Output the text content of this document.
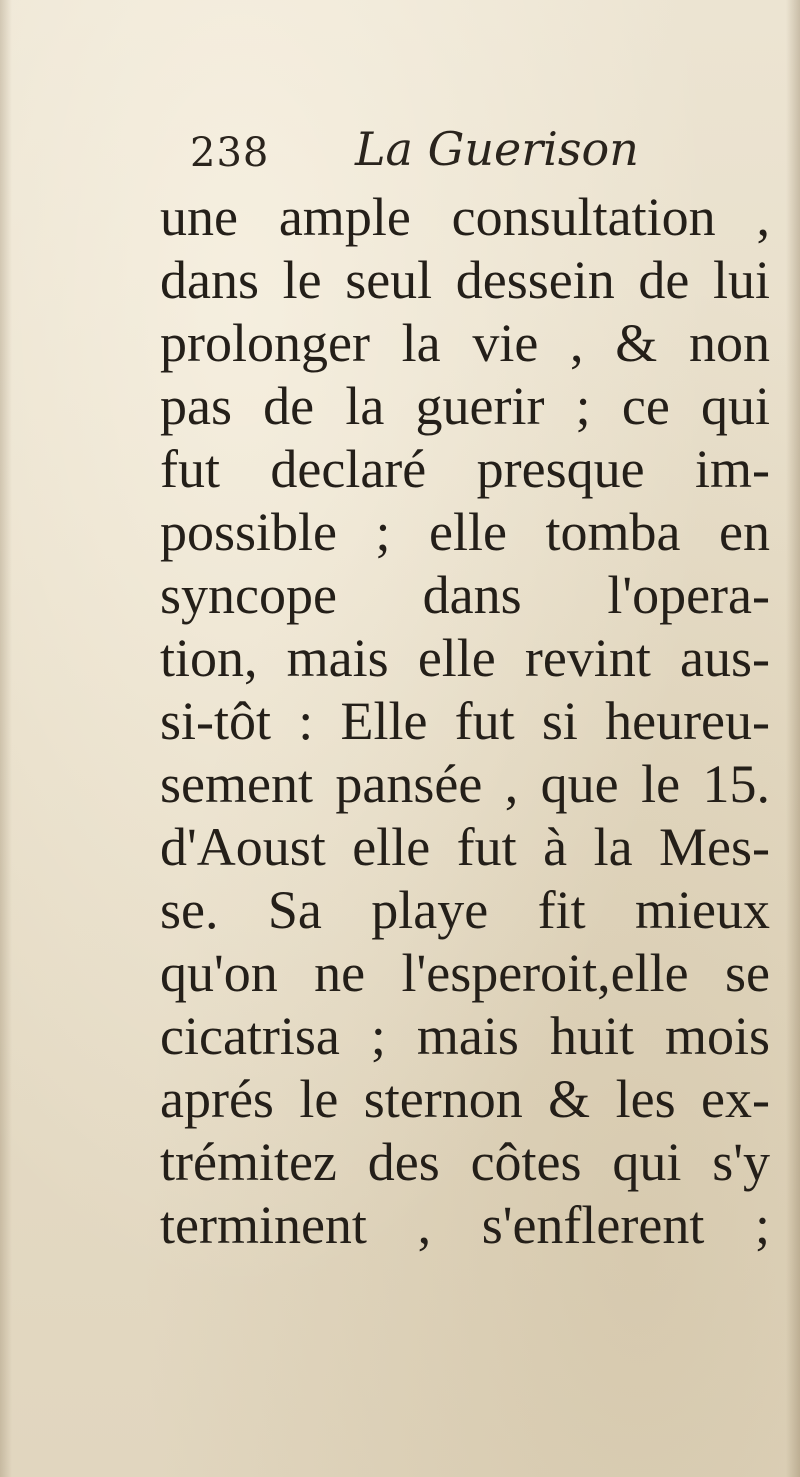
238 La Guerison
une ample consultation ,
dans le seul dessein de lui
prolonger la vie , & non
pas de la guerir ; ce qui
fut declaré presque im-
possible ; elle tomba en
syncope dans l'opera-
tion, mais elle revint aus-
si-tôt : Elle fut si heureu-
sement pansée , que le 15.
d'Aoust elle fut à la Mes-
se. Sa playe fit mieux
qu'on ne l'esperoit,elle se
cicatrisa ; mais huit mois
aprés le sternon & les ex-
trémitez des côtes qui s'y
terminent , s'enflerent ;
